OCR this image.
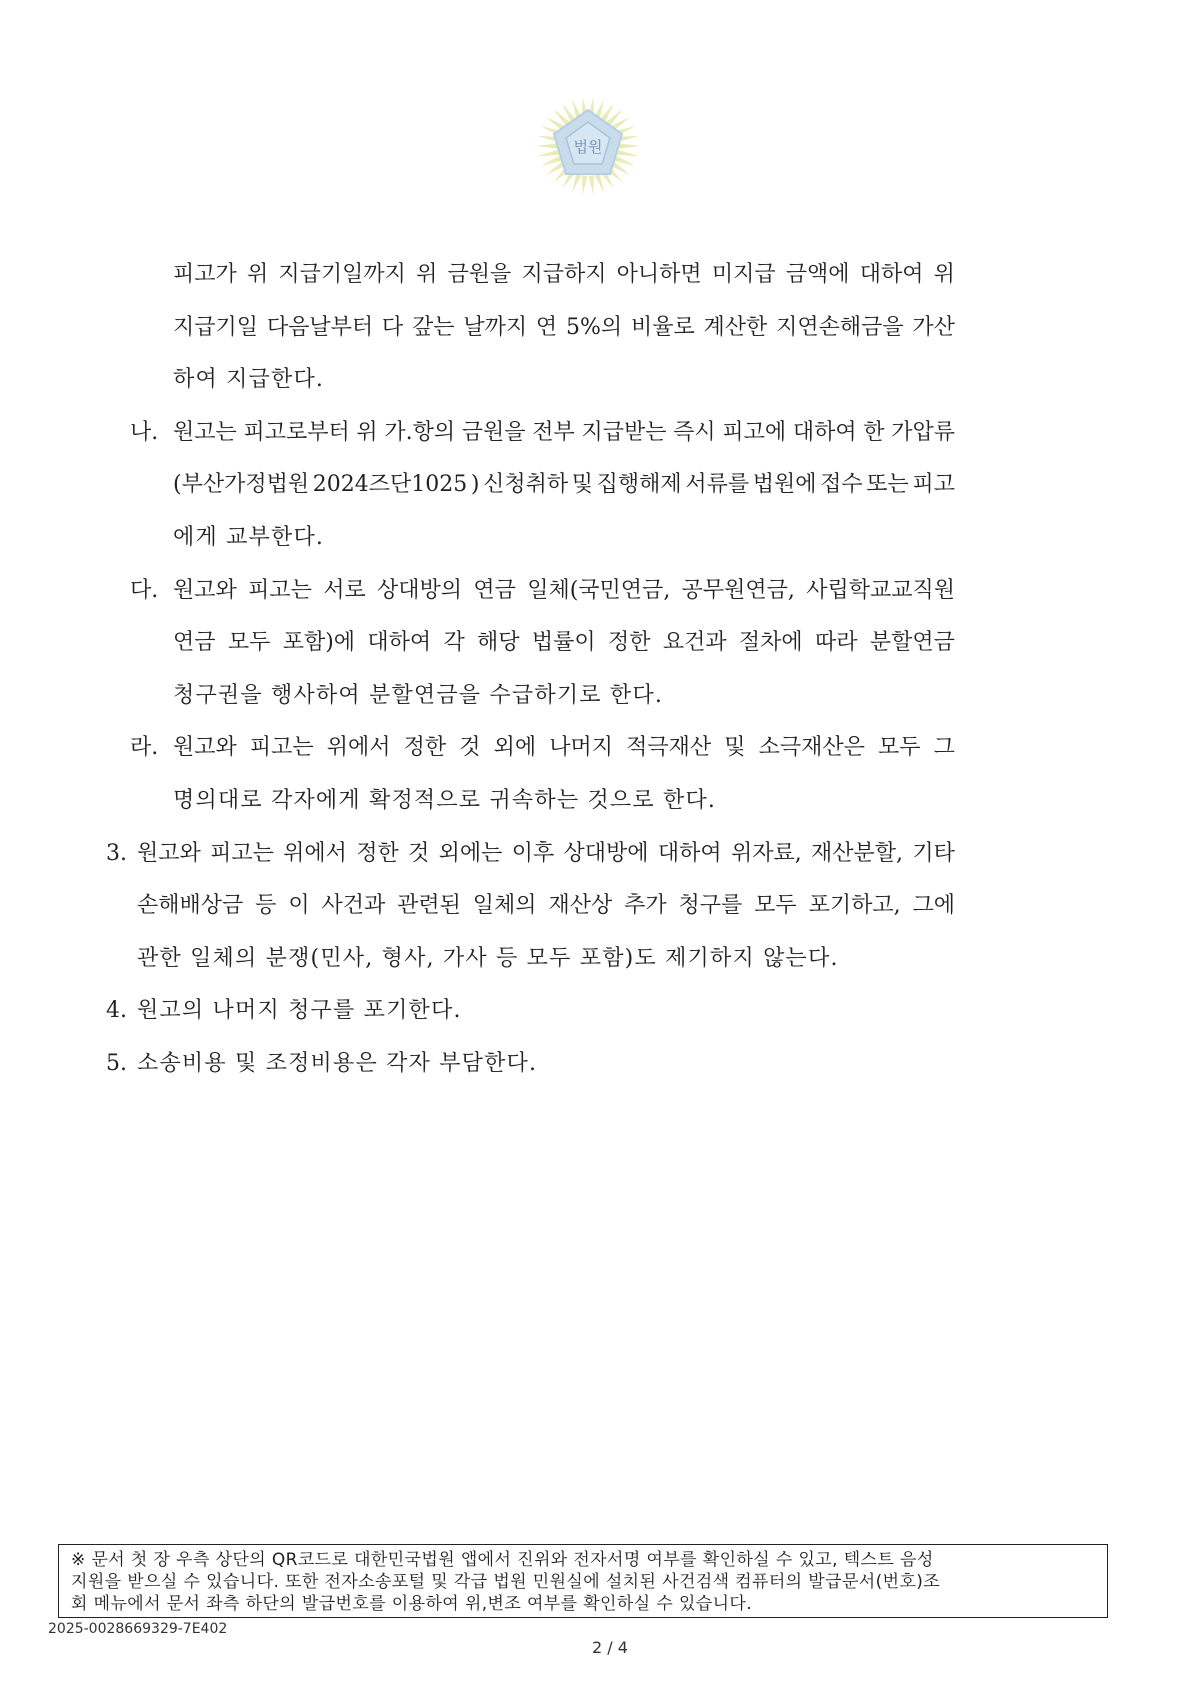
법원
피고가 위 지급기일까지 위 금원을 지급하지 아니하면 미지급 금액에 대하여 위
지급기일 다음날부터 다 갚는 날까지 연 5%의 비율로 계산한 지연손해금을 가산
하여 지급한다.
나. 원고는 피고로부터 위 가.항의 금원을 전부 지급받는 즉시 피고에 대하여 한 가압류
(부산가정법원 2024즈단1025 ) 신청취하 및 집행해제 서류를 법원에 접수 또는 피고
에게 교부한다.
다. 원고와 피고는 서로 상대방의 연금 일체(국민연금, 공무원연금, 사립학교교직원
연금 모두 포함)에 대하여 각 해당 법률이 정한 요건과 절차에 따라 분할연금
청구권을 행사하여 분할연금을 수급하기로 한다.
라. 원고와 피고는 위에서 정한 것 외에 나머지 적극재산 및 소극재산은 모두 그
명의대로 각자에게 확정적으로 귀속하는 것으로 한다.
3. 원고와 피고는 위에서 정한 것 외에는 이후 상대방에 대하여 위자료, 재산분할, 기타
손해배상금 등 이 사건과 관련된 일체의 재산상 추가 청구를 모두 포기하고, 그에
관한 일체의 분쟁(민사, 형사, 가사 등 모두 포함)도 제기하지 않는다.
4. 원고의 나머지 청구를 포기한다.
5. 소송비용 및 조정비용은 각자 부담한다.
※ 문서 첫 장 우측 상단의 QR코드로 대한민국법원 앱에서 진위와 전자서명 여부를 확인하실 수 있고, 텍스트 음성
지원을 받으실 수 있습니다. 또한 전자소송포털 및 각급 법원 민원실에 설치된 사건검색 컴퓨터의 발급문서(번호)조
회 메뉴에서 문서 좌측 하단의 발급번호를 이용하여 위,변조 여부를 확인하실 수 있습니다.
2025-0028669329-7E402
2 / 4
